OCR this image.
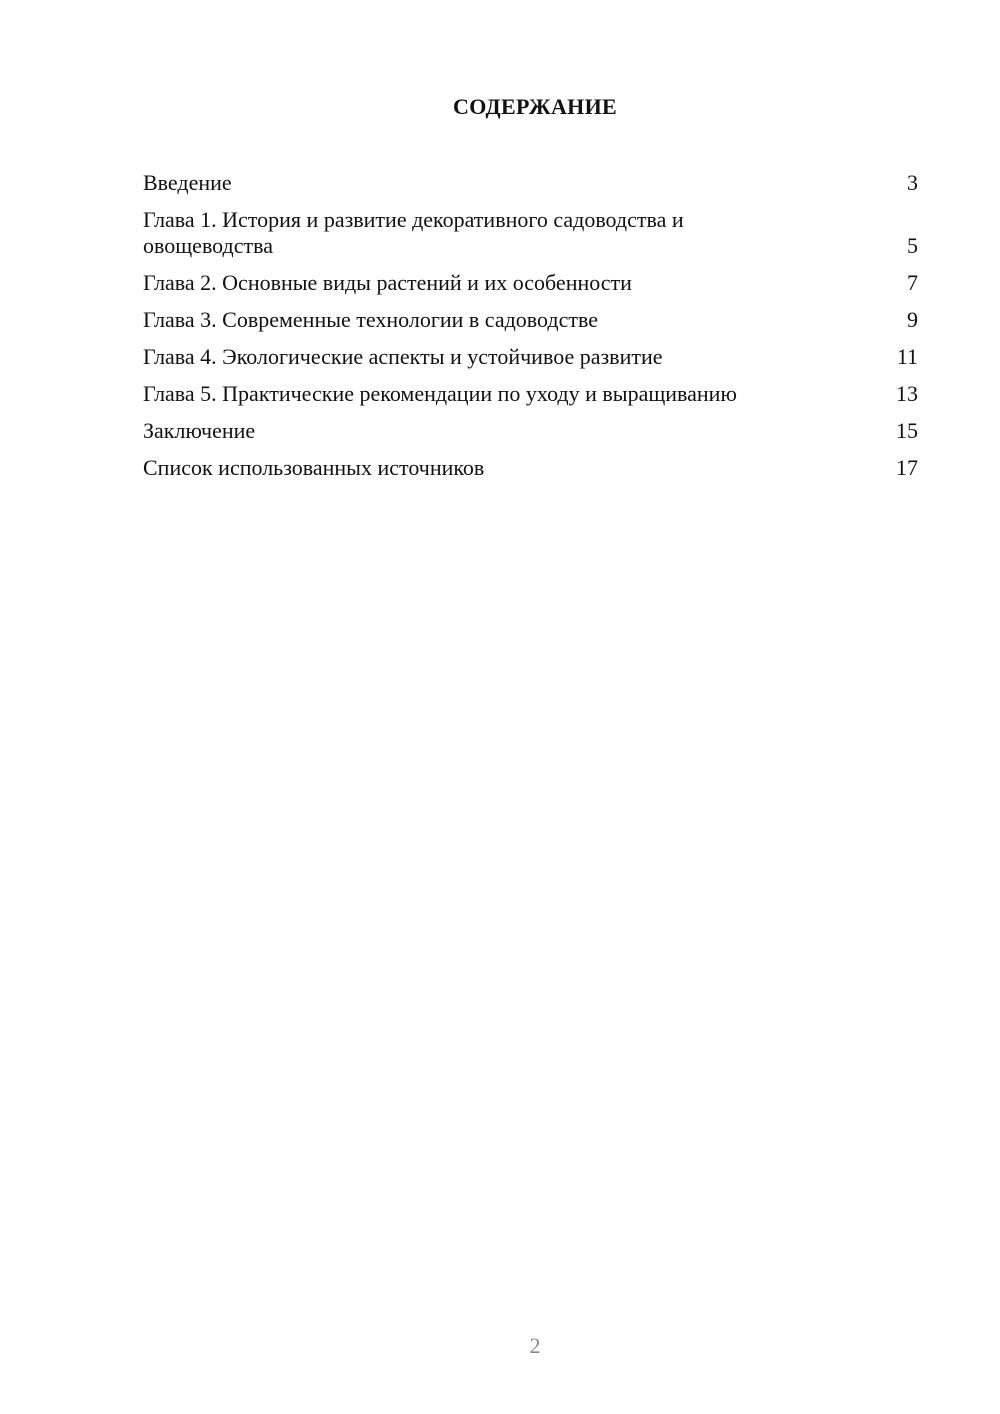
СОДЕРЖАНИЕ
Введение	3
Глава 1. История и развитие декоративного садоводства и овощеводства	5
Глава 2. Основные виды растений и их особенности	7
Глава 3. Современные технологии в садоводстве	9
Глава 4. Экологические аспекты и устойчивое развитие	11
Глава 5. Практические рекомендации по уходу и выращиванию	13
Заключение	15
Список использованных источников	17
2
